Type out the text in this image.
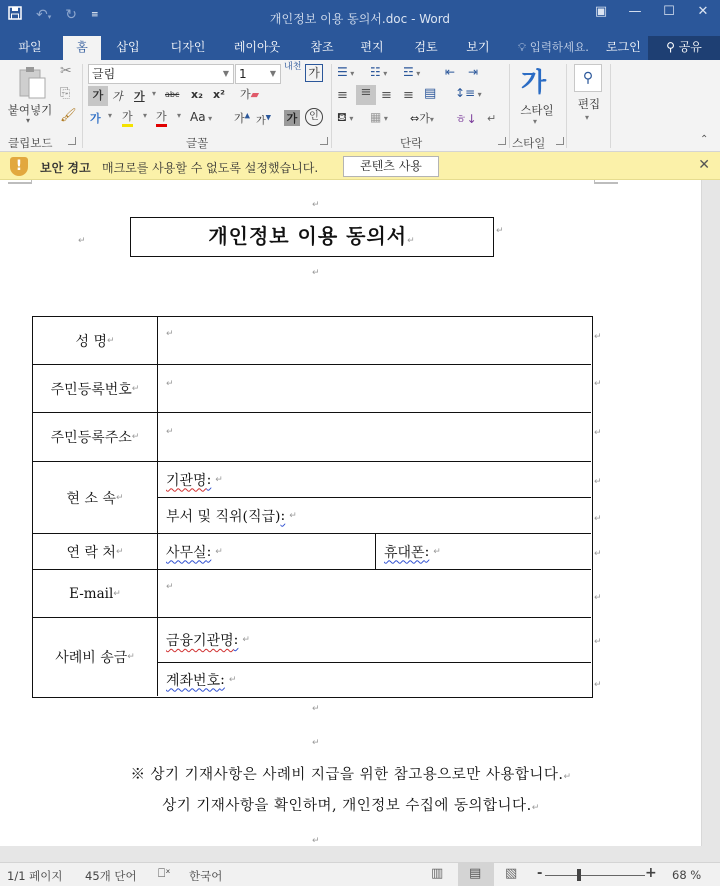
↶▾ ↻ ≡	개인정보 이용 동의서.doc - Word	▣	—	☐	✕
파일	홈	삽입	디자인	레이아웃	참조	편지	검토	보기	💡︎ 입력하세요. 로그인	⚲ 공유
붙여넣기
▾
✂
⎘
🖌︎
클립보드
글림	▼ 1	▼
내천 가
가 가 가 ▾ abc x₂ x² 가▰
가 ▾ 가 ▾ 가 ▾ Aa ▾ 가▲
가▼ 가	인
글꼴
☰ ▾ ☷ ▾ ☲ ▾ ⇤ ⇥
≡ ≡ ≡ ≡ ▤ ↕≡ ▾
⛾ ▾ ▦ ▾ ⇔가▾ ㅎ↓ ↵
단락
가
스타일
▾
스타일
⚲
편집
▾
⌃
!	보안 경고 매크로를 사용할 수 없도록 설정했습니다.	콘텐츠 사용	✕
↵
↵	개인정보 이용 동의서↵
↵
↵
성 명 ↵
↵
주민등록번호 ↵	↵
주민등록주소 ↵	↵
현 소 속 ↵
기관명 : ↵
부서 및 직위(직급) : ↵
연 락 처 ↵	사무실 : ↵	휴대폰 : ↵
E-mail ↵
↵
사례비 송금 ↵
금융기관명 : ↵
계좌번호 : ↵
↵
↵
↵
↵
↵
↵
↵
↵
↵
↵
↵
※ 상기 기재사항은 사례비 지급을 위한 참고용으로만 사용합니다.↵
상기 기재사항을 확인하며, 개인정보 수집에 동의합니다.↵
↵
1/1 페이지 45개 단어 ⎕ˣ 한국어	▥ ▤ ▧ -	+ 68 %
